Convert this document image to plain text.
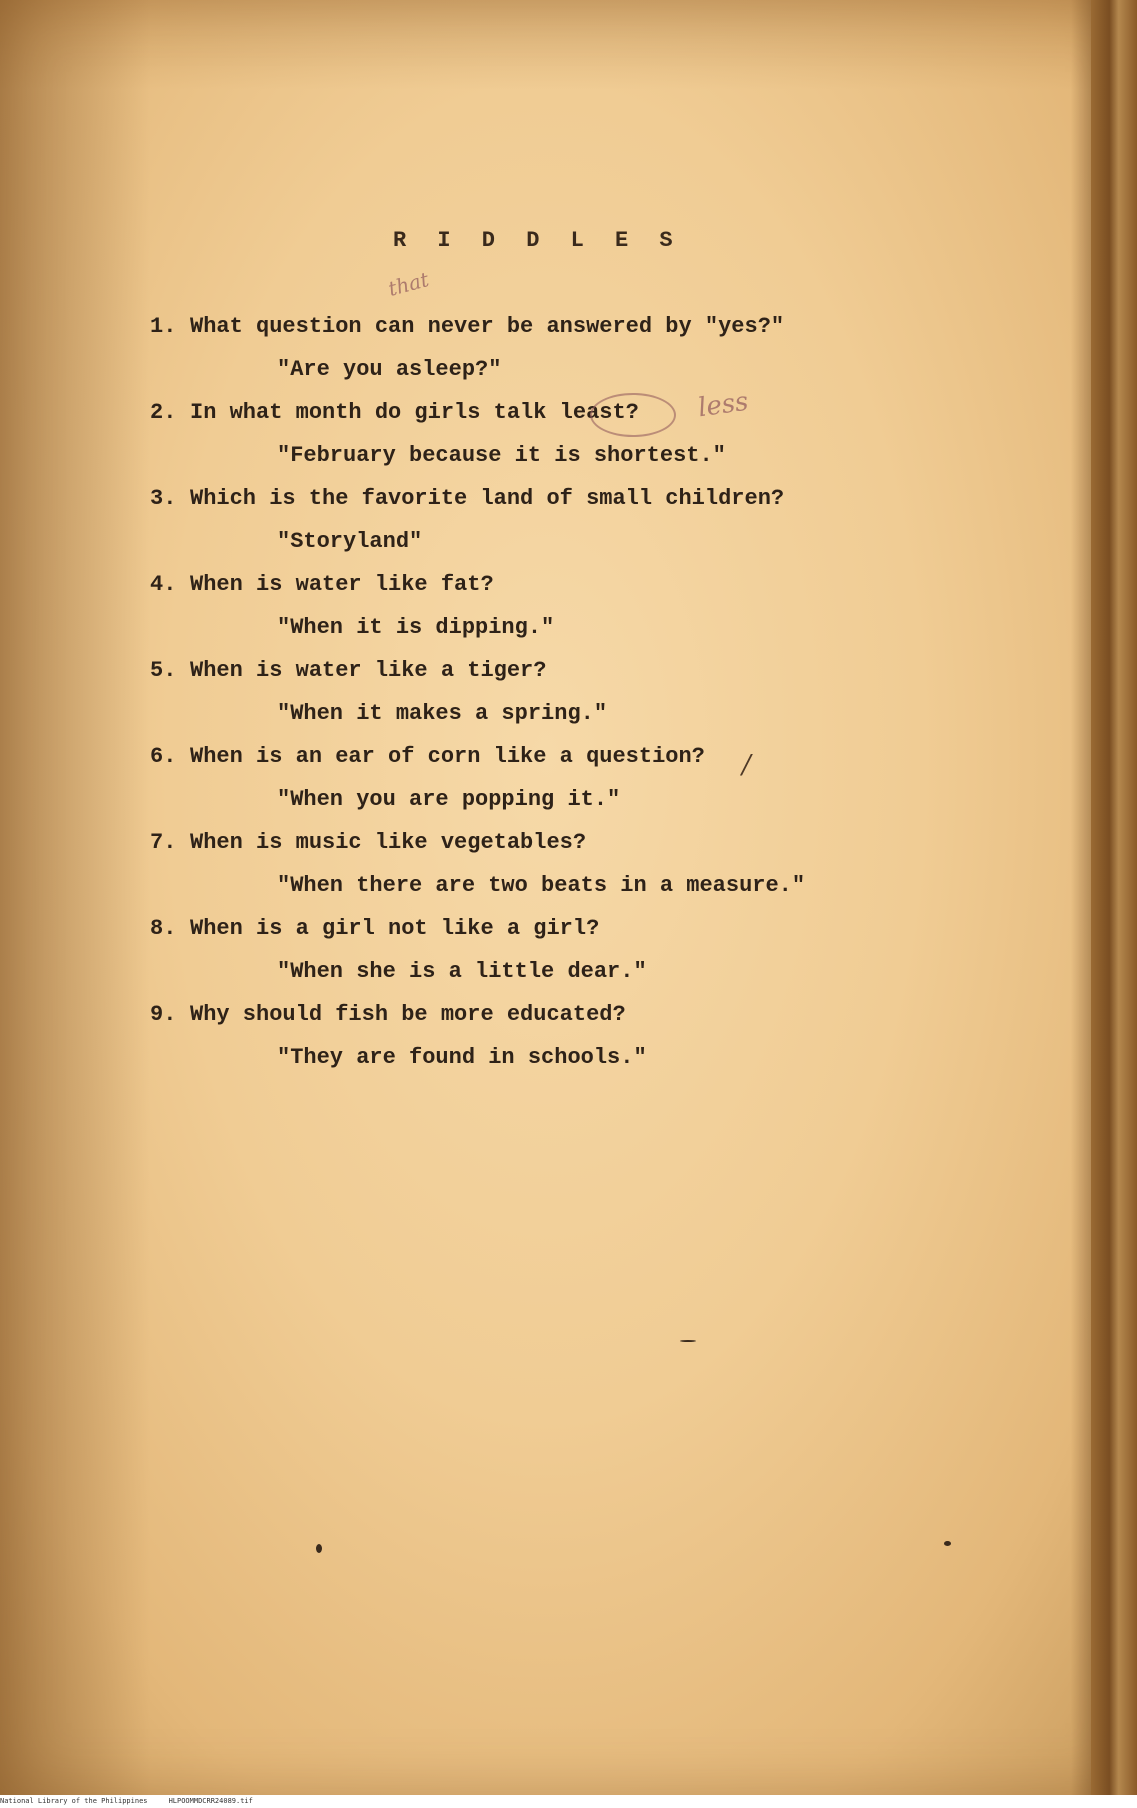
R I D D L E S
1. What question can never be answered by "yes?"
"Are you asleep?"
2. In what month do girls talk least?
"February because it is shortest."
3. Which is the favorite land of small children?
"Storyland"
4. When is water like fat?
"When it is dipping."
5. When is water like a tiger?
"When it makes a spring."
6. When is an ear of corn like a question?
"When you are popping it."
7. When is music like vegetables?
"When there are two beats in a measure."
8. When is a girl not like a girl?
"When she is a little dear."
9. Why should fish be more educated?
"They are found in schools."
that
less
/
National Library of the Philippines     HLPOOMMDCRR24089.tif
